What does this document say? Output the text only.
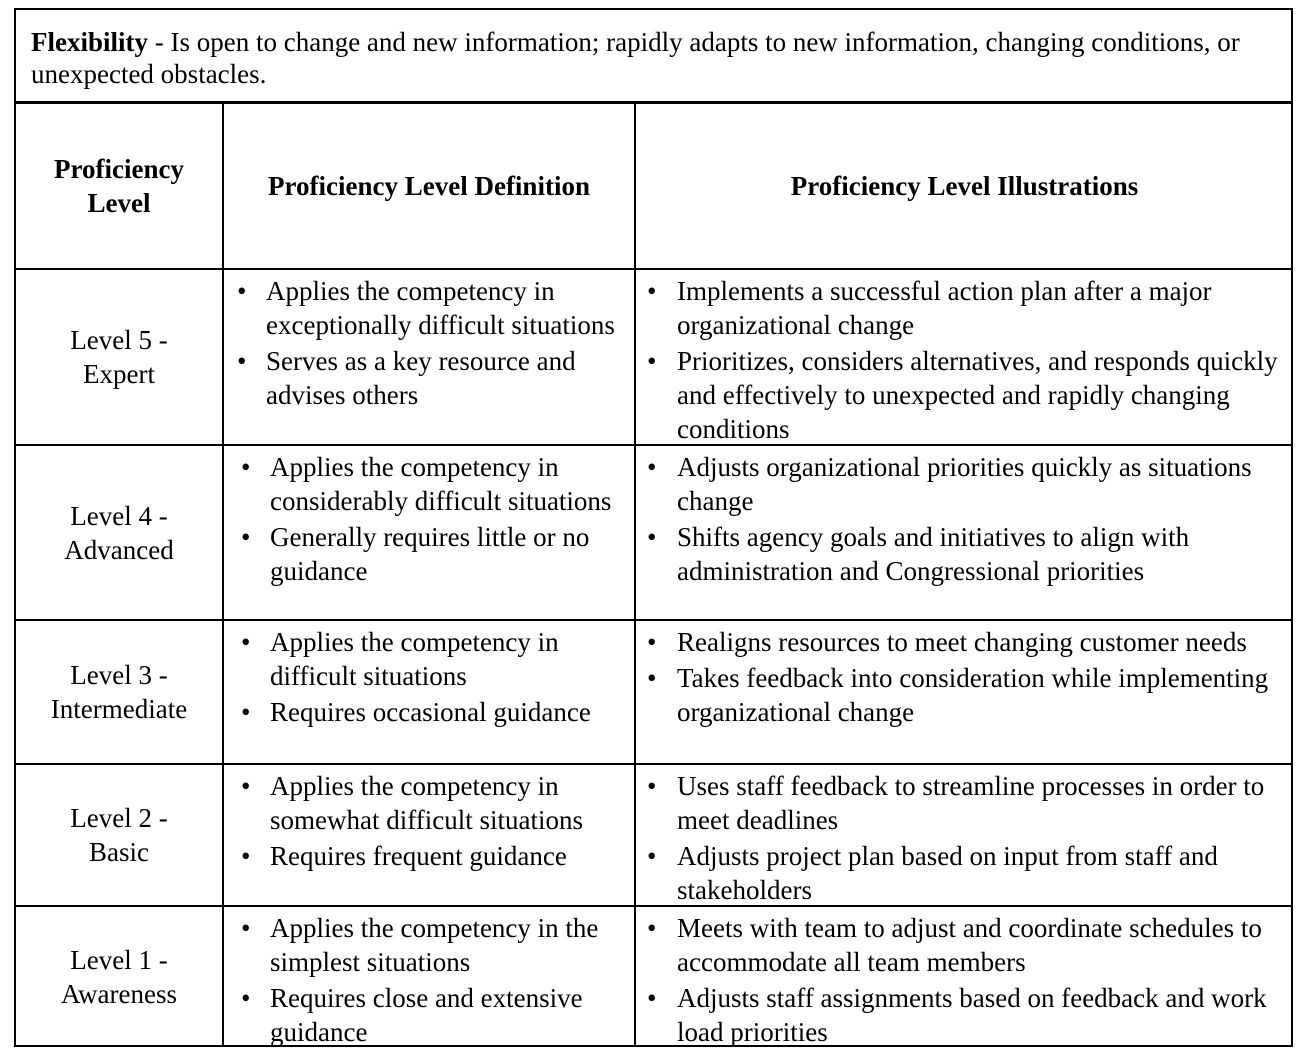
Flexibility - Is open to change and new information; rapidly adapts to new information, changing conditions, or unexpected obstacles.
Proficiency Level
Proficiency Level Definition	Proficiency Level Illustrations
Level 5 - Expert
• Applies the competency in exceptionally difficult situations
• Serves as a key resource and advises others
• Implements a successful action plan after a major organizational change
• Prioritizes, considers alternatives, and responds quickly and effectively to unexpected and rapidly changing conditions
Level 4 - Advanced
• Applies the competency in considerably difficult situations
• Generally requires little or no guidance
• Adjusts organizational priorities quickly as situations change
• Shifts agency goals and initiatives to align with administration and Congressional priorities
Level 3 - Intermediate
• Applies the competency in difficult situations
• Requires occasional guidance
• Realigns resources to meet changing customer needs
• Takes feedback into consideration while implementing organizational change
Level 2 - Basic
• Applies the competency in somewhat difficult situations
• Requires frequent guidance
• Uses staff feedback to streamline processes in order to meet deadlines
• Adjusts project plan based on input from staff and stakeholders
Level 1 - Awareness
• Applies the competency in the simplest situations
• Requires close and extensive guidance
• Meets with team to adjust and coordinate schedules to accommodate all team members
• Adjusts staff assignments based on feedback and work load priorities
